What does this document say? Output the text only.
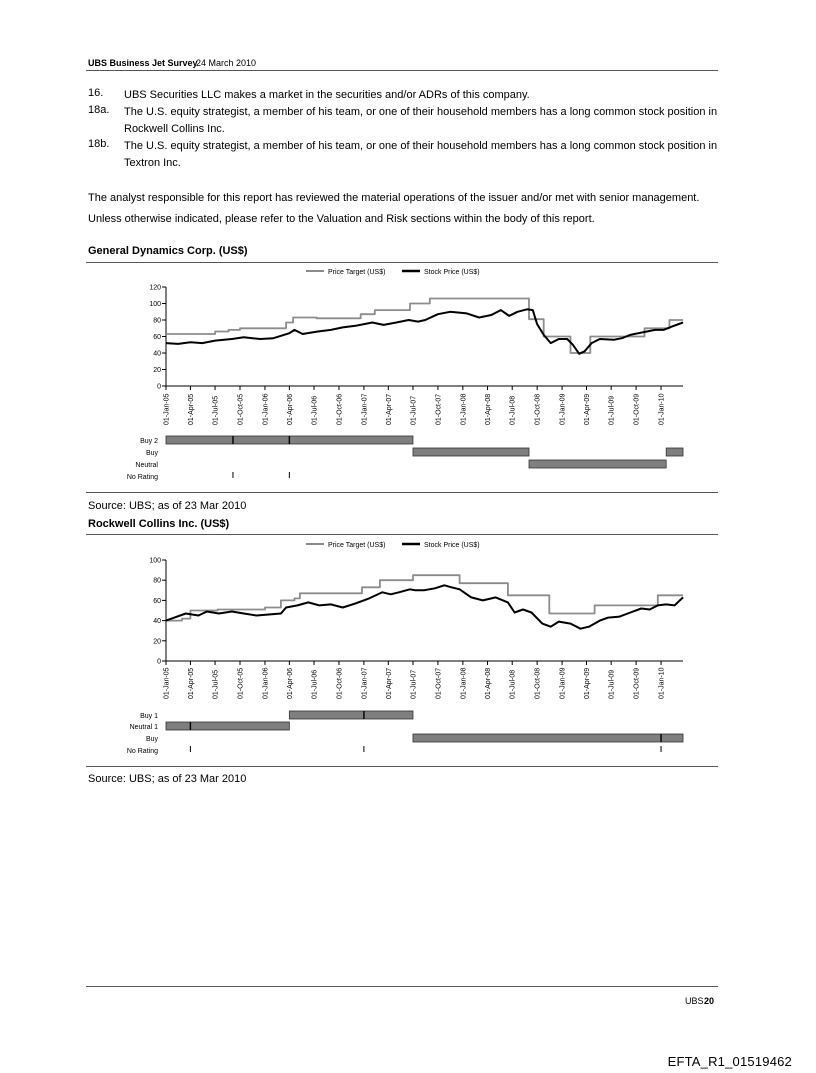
UBS Business Jet Survey
24 March 2010
16. UBS Securities LLC makes a market in the securities and/or ADRs of this company.
18a. The U.S. equity strategist, a member of his team, or one of their household members has a long common stock position in Rockwell Collins Inc.
18b. The U.S. equity strategist, a member of his team, or one of their household members has a long common stock position in Textron Inc.
The analyst responsible for this report has reviewed the material operations of the issuer and/or met with senior management.
Unless otherwise indicated, please refer to the Valuation and Risk sections within the body of this report.
General Dynamics Corp. (US$)
Price Target (US$)	Stock Price (US$)
0
20
40
60
80
100
120
01-Jan-05 01-Apr-05	01-Jul-05	01-Oct-05	01-Jan-06 01-Apr-06	01-Jul-06	01-Oct-06	01-Jan-07 01-Apr-07	01-Jul-07	01-Oct-07	01-Jan-08	01-Apr-08	01-Jul-08	01-Oct-08	01-Jan-09 01-Apr-09	01-Jul-09	01-Oct-09	01-Jan-10
Buy 2
Buy
Neutral
No Rating
Source: UBS; as of 23 Mar 2010
Rockwell Collins Inc. (US$)
Price Target (US$)	Stock Price (US$)
0
20
40
60
80
100
01-Jan-05 01-Apr-05	01-Jul-05	01-Oct-05	01-Jan-06 01-Apr-06	01-Jul-06	01-Oct-06	01-Jan-07 01-Apr-07	01-Jul-07	01-Oct-07	01-Jan-08	01-Apr-08	01-Jul-08	01-Oct-08	01-Jan-09 01-Apr-09	01-Jul-09	01-Oct-09	01-Jan-10
Buy 1
Neutral 1
Buy
No Rating
Source: UBS; as of 23 Mar 2010
UBS 20
EFTA_R1_01519462
